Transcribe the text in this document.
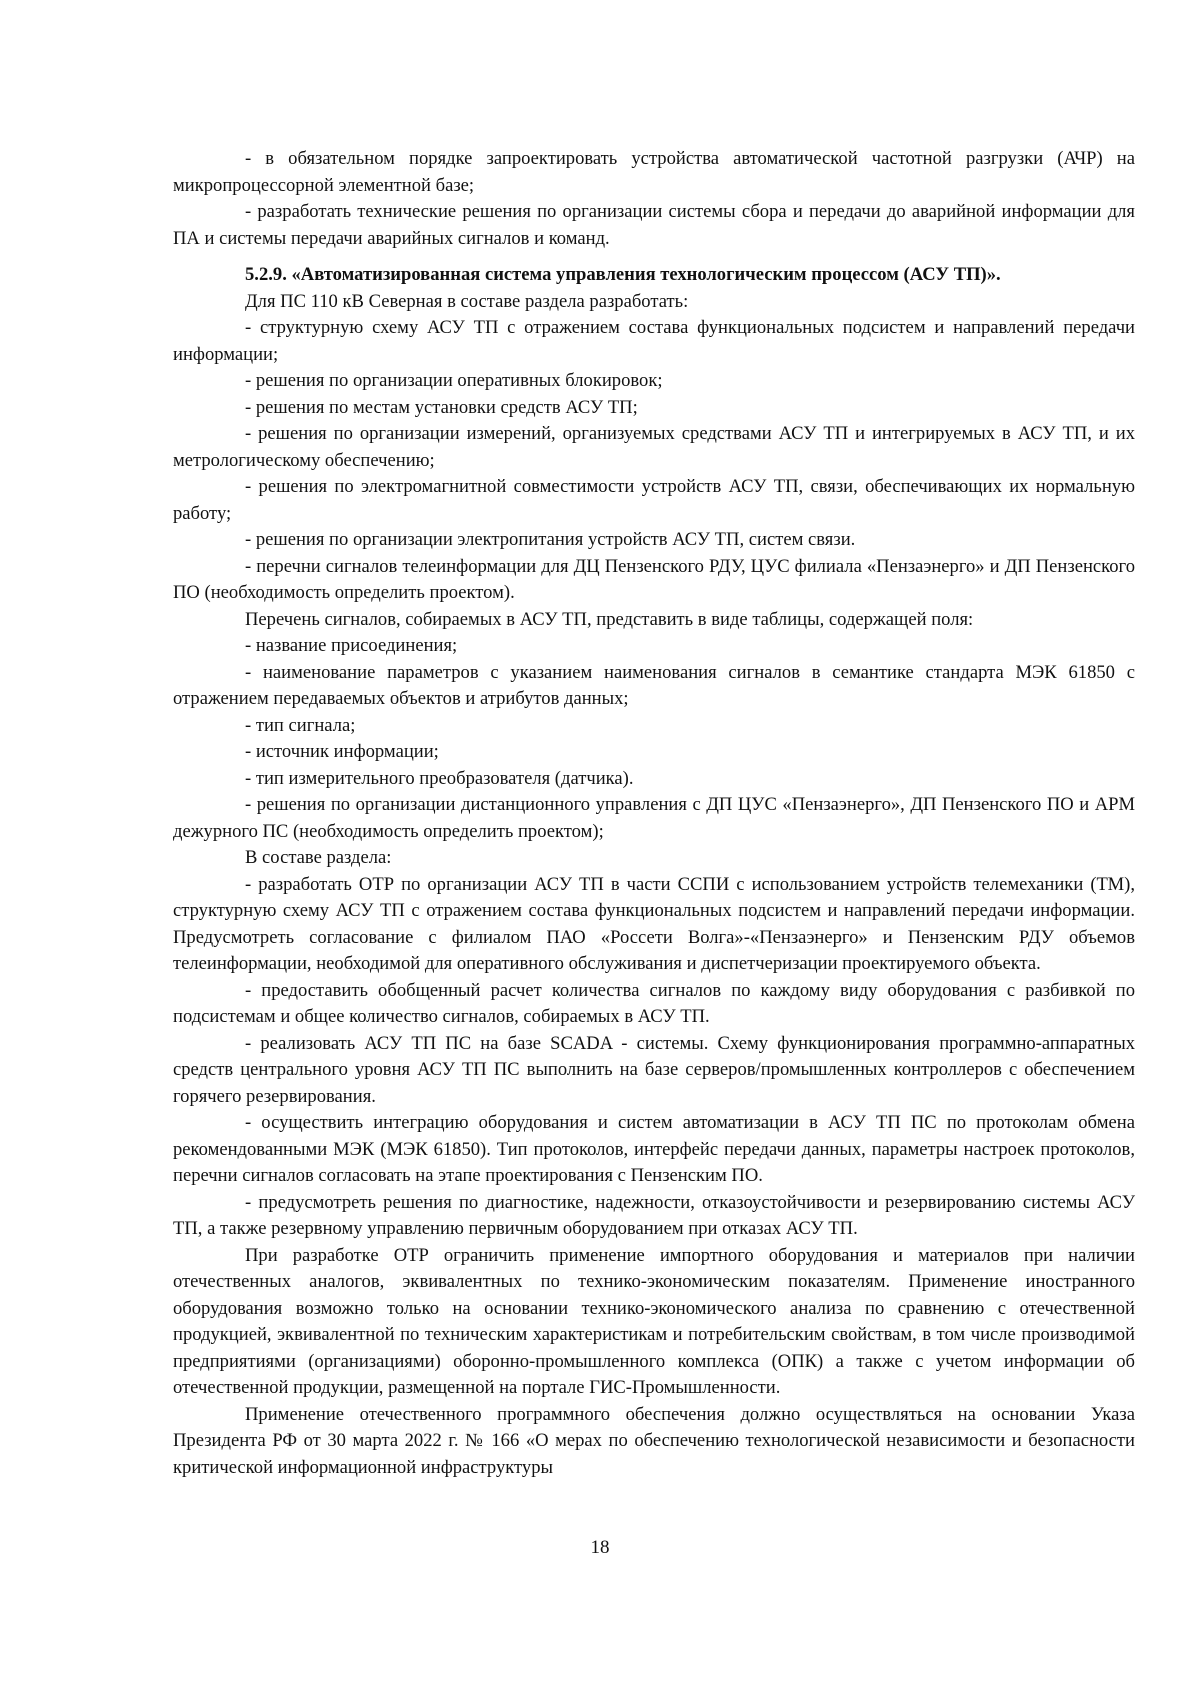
- в обязательном порядке запроектировать устройства автоматической частотной разгрузки (АЧР) на микропроцессорной элементной базе;

- разработать технические решения по организации системы сбора и передачи до аварийной информации для ПА и системы передачи аварийных сигналов и команд.

5.2.9. «Автоматизированная система управления технологическим процессом (АСУ ТП)».

Для ПС 110 кВ Северная в составе раздела разработать:

- структурную схему АСУ ТП с отражением состава функциональных подсистем и направлений передачи информации;

- решения по организации оперативных блокировок;

- решения по местам установки средств АСУ ТП;

- решения по организации измерений, организуемых средствами АСУ ТП и интегрируемых в АСУ ТП, и их метрологическому обеспечению;

- решения по электромагнитной совместимости устройств АСУ ТП, связи, обеспечивающих их нормальную работу;

- решения по организации электропитания устройств АСУ ТП, систем связи.

- перечни сигналов телеинформации для ДЦ Пензенского РДУ, ЦУС филиала «Пензаэнерго» и ДП Пензенского ПО (необходимость определить проектом).

Перечень сигналов, собираемых в АСУ ТП, представить в виде таблицы, содержащей поля:

- название присоединения;

- наименование параметров с указанием наименования сигналов в семантике стандарта МЭК 61850 с отражением передаваемых объектов и атрибутов данных;

- тип сигнала;

- источник информации;

- тип измерительного преобразователя (датчика).

- решения по организации дистанционного управления с ДП ЦУС «Пензаэнерго», ДП Пензенского ПО и АРМ дежурного ПС (необходимость определить проектом);

В составе раздела:

- разработать ОТР по организации АСУ ТП в части ССПИ с использованием устройств телемеханики (ТМ), структурную схему АСУ ТП с отражением состава функциональных подсистем и направлений передачи информации. Предусмотреть согласование с филиалом ПАО «Россети Волга»-«Пензаэнерго» и Пензенским РДУ объемов телеинформации, необходимой для оперативного обслуживания и диспетчеризации проектируемого объекта.

- предоставить обобщенный расчет количества сигналов по каждому виду оборудования с разбивкой по подсистемам и общее количество сигналов, собираемых в АСУ ТП.

- реализовать АСУ ТП ПС на базе SCADA - системы. Схему функционирования программно-аппаратных средств центрального уровня АСУ ТП ПС выполнить на базе серверов/промышленных контроллеров с обеспечением горячего резервирования.

- осуществить интеграцию оборудования и систем автоматизации в АСУ ТП ПС по протоколам обмена рекомендованными МЭК (МЭК 61850). Тип протоколов, интерфейс передачи данных, параметры настроек протоколов, перечни сигналов согласовать на этапе проектирования с Пензенским ПО.

- предусмотреть решения по диагностике, надежности, отказоустойчивости и резервированию системы АСУ ТП, а также резервному управлению первичным оборудованием при отказах АСУ ТП.

При разработке ОТР ограничить применение импортного оборудования и материалов при наличии отечественных аналогов, эквивалентных по технико-экономическим показателям. Применение иностранного оборудования возможно только на основании технико-экономического анализа по сравнению с отечественной продукцией, эквивалентной по техническим характеристикам и потребительским свойствам, в том числе производимой предприятиями (организациями) оборонно-промышленного комплекса (ОПК) а также с учетом информации об отечественной продукции, размещенной на портале ГИС-Промышленности.

Применение отечественного программного обеспечения должно осуществляться на основании Указа Президента РФ от 30 марта 2022 г. № 166 «О мерах по обеспечению технологической независимости и безопасности критической информационной инфраструктуры

18
